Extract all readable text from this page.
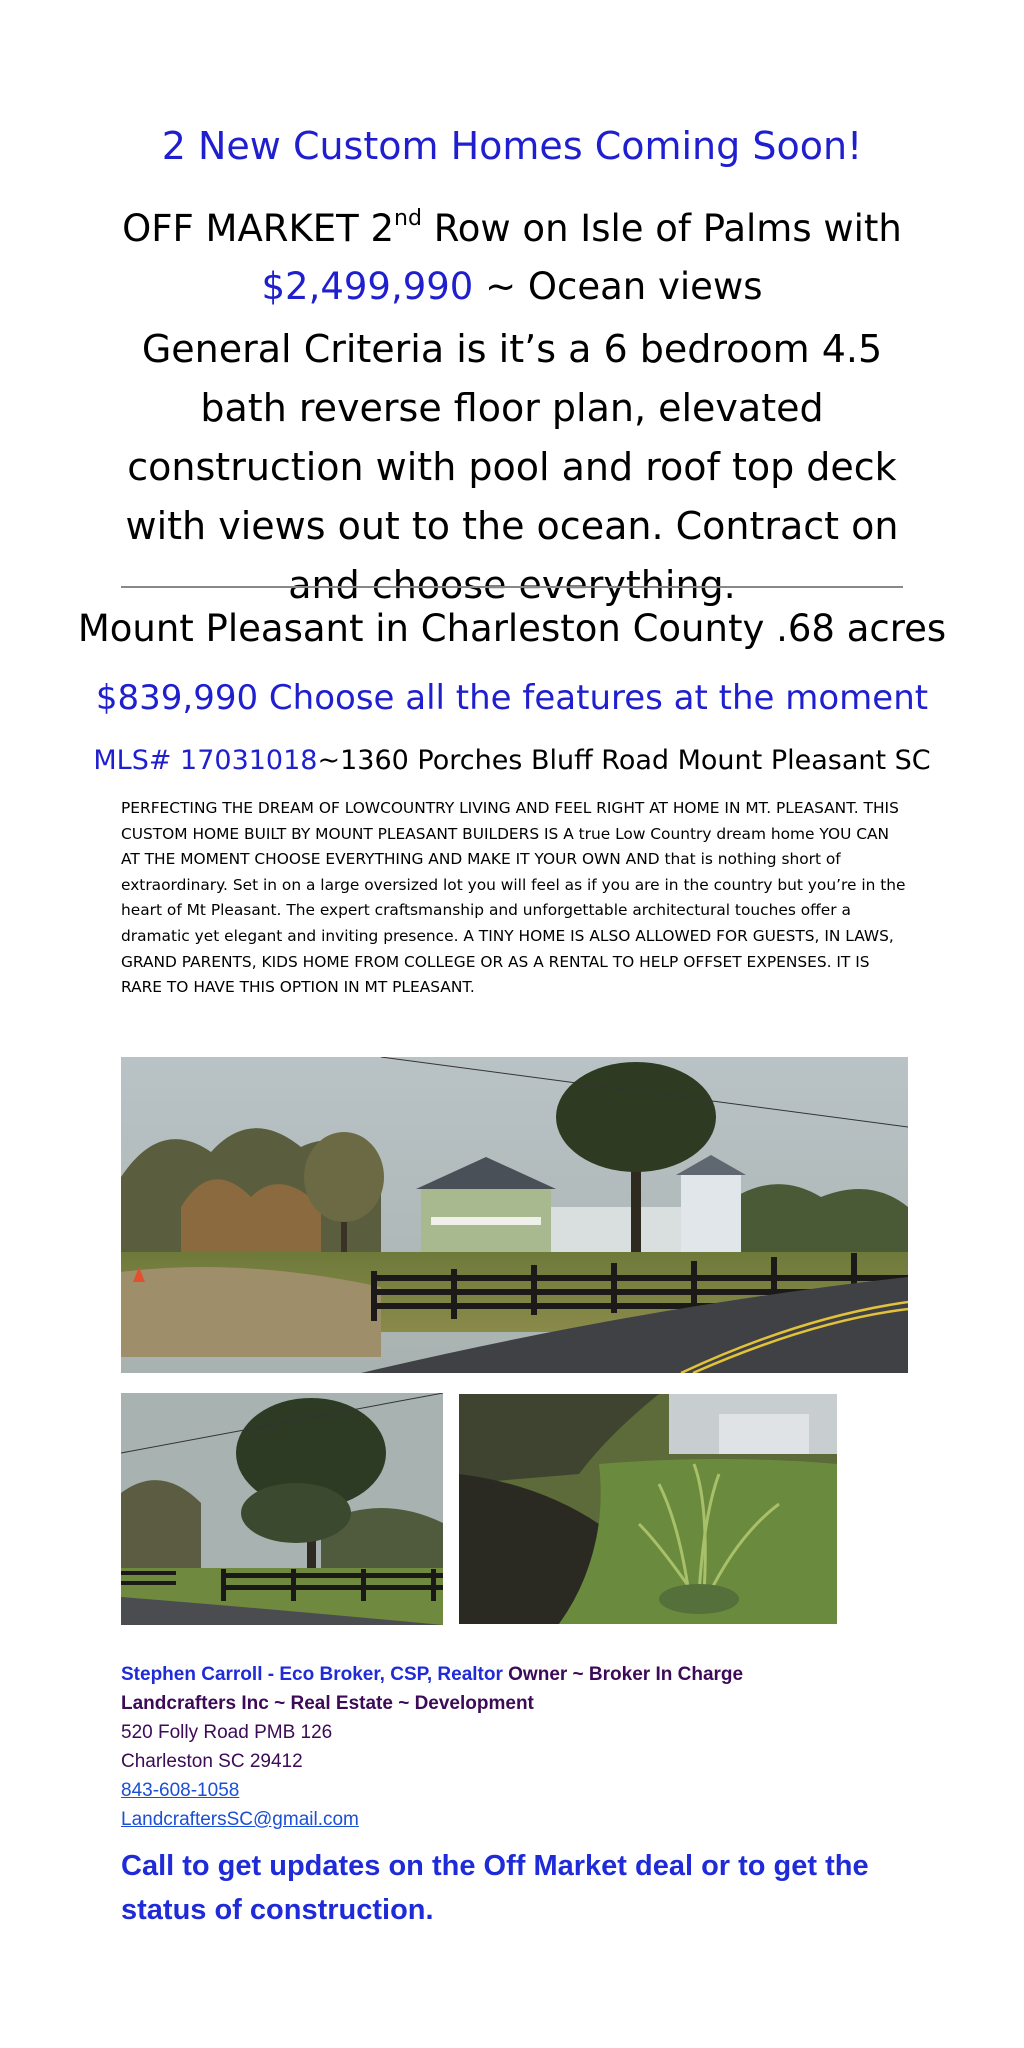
2 New Custom Homes Coming Soon!
OFF MARKET 2nd Row on Isle of Palms with
$2,499,990 ~ Ocean views
General Criteria is it’s a 6 bedroom 4.5 bath reverse floor plan, elevated construction with pool and roof top deck with views out to the ocean. Contract on and choose everything.
Mount Pleasant in Charleston County .68 acres
$839,990 Choose all the features at the moment
MLS# 17031018~1360 Porches Bluff Road Mount Pleasant SC
PERFECTING THE DREAM OF LOWCOUNTRY LIVING AND FEEL RIGHT AT HOME IN MT. PLEASANT. THIS CUSTOM HOME BUILT BY MOUNT PLEASANT BUILDERS IS A true Low Country dream home YOU CAN AT THE MOMENT CHOOSE EVERYTHING AND MAKE IT YOUR OWN AND that is nothing short of extraordinary. Set in on a large oversized lot you will feel as if you are in the country but you’re in the heart of Mt Pleasant. The expert craftsmanship and unforgettable architectural touches offer a dramatic yet elegant and inviting presence. A TINY HOME IS ALSO ALLOWED FOR GUESTS, IN LAWS, GRAND PARENTS, KIDS HOME FROM COLLEGE OR AS A RENTAL TO HELP OFFSET EXPENSES. IT IS RARE TO HAVE THIS OPTION IN MT PLEASANT.
Stephen Carroll - Eco Broker, CSP, Realtor Owner ~ Broker In Charge
Landcrafters Inc ~ Real Estate ~ Development
520 Folly Road PMB 126
Charleston SC 29412
843-608-1058
LandcraftersSC@gmail.com
Call to get updates on the Off Market deal or to get the status of construction.
